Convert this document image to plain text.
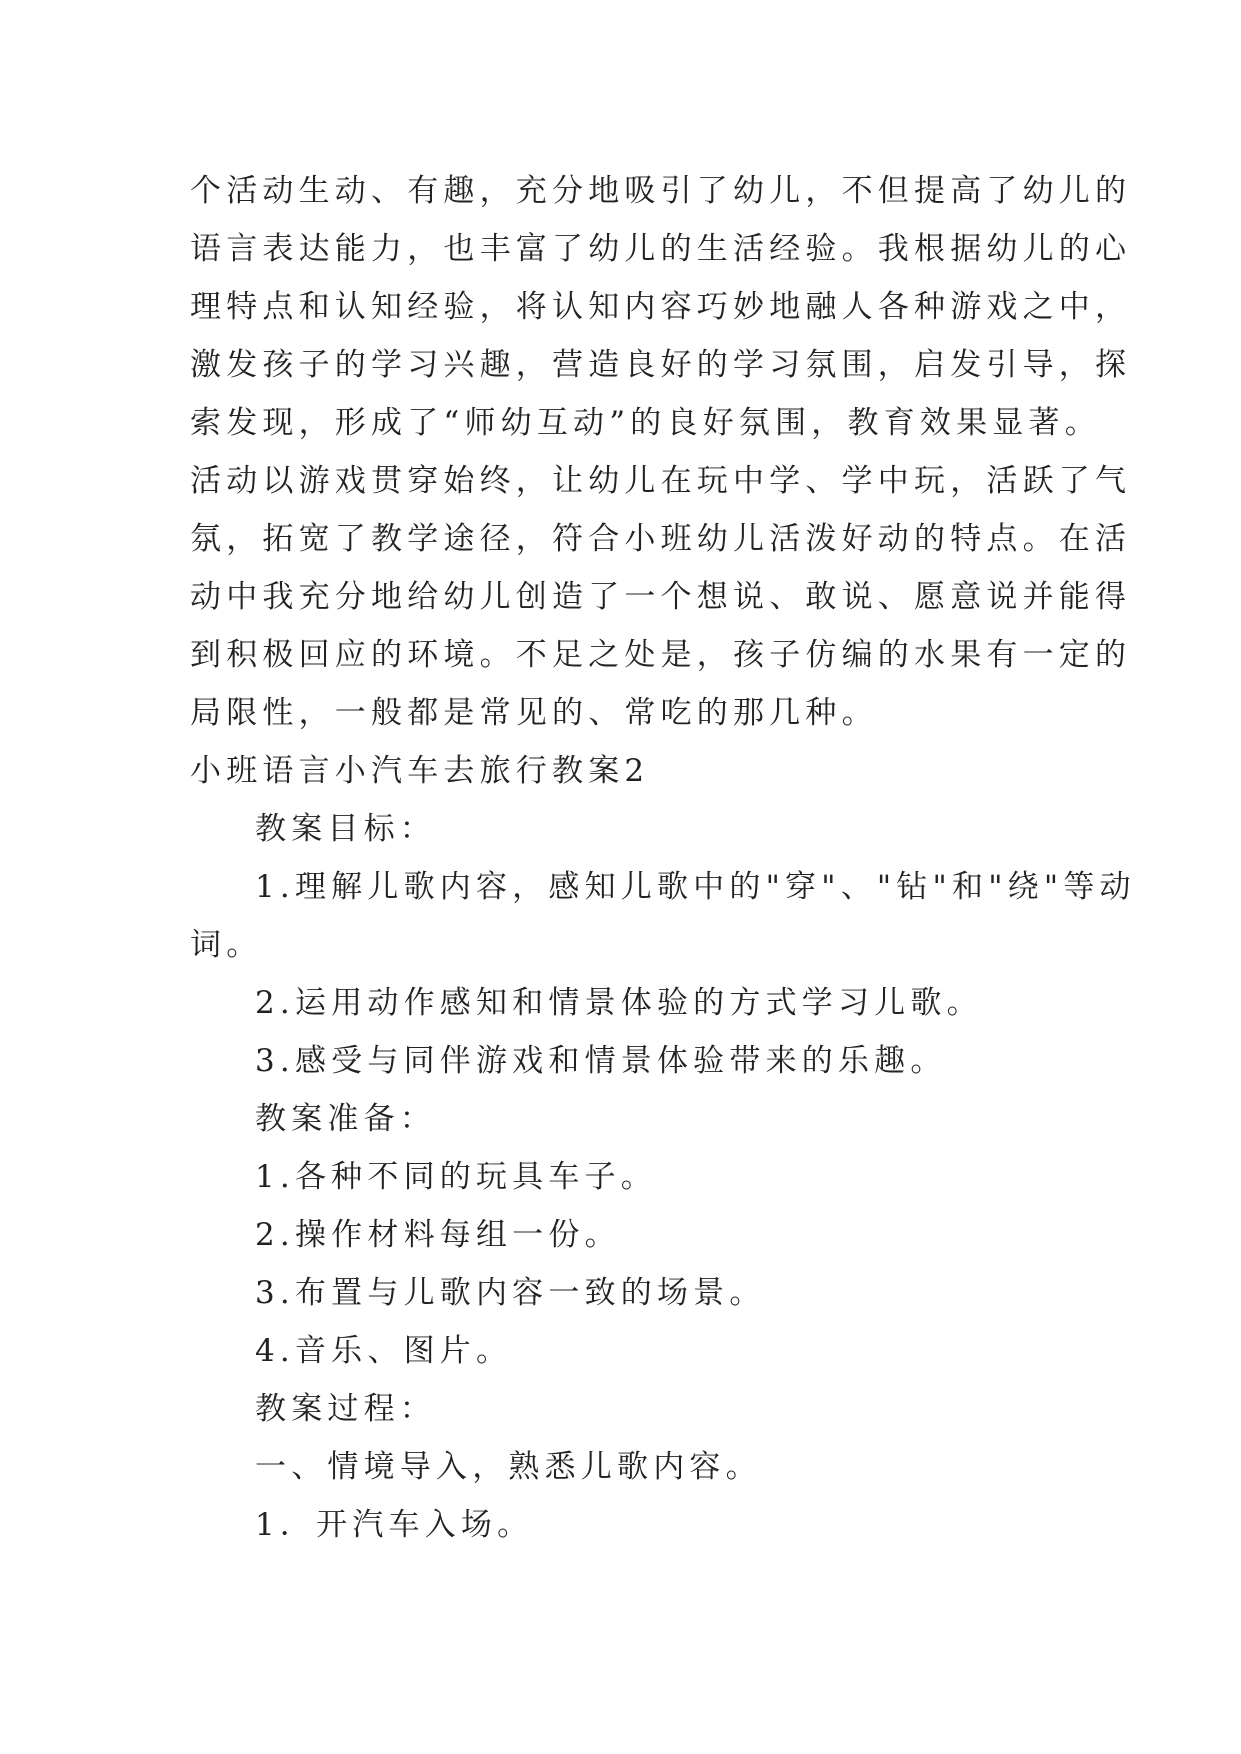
个活动生动、有趣，充分地吸引了幼儿，不但提高了幼儿的
语言表达能力，也丰富了幼儿的生活经验。我根据幼儿的心
理特点和认知经验，将认知内容巧妙地融人各种游戏之中，
激发孩子的学习兴趣，营造良好的学习氛围，启发引导，探
索发现，形成了“师幼互动”的良好氛围，教育效果显著。
活动以游戏贯穿始终，让幼儿在玩中学、学中玩，活跃了气
氛，拓宽了教学途径，符合小班幼儿活泼好动的特点。在活
动中我充分地给幼儿创造了一个想说、敢说、愿意说并能得
到积极回应的环境。不足之处是，孩子仿编的水果有一定的
局限性，一般都是常见的、常吃的那几种。
小班语言小汽车去旅行教案2
教案目标：
1.理解儿歌内容，感知儿歌中的"穿"、"钻"和"绕"等动
词。
2.运用动作感知和情景体验的方式学习儿歌。
3.感受与同伴游戏和情景体验带来的乐趣。
教案准备：
1.各种不同的玩具车子。
2.操作材料每组一份。
3.布置与儿歌内容一致的场景。
4.音乐、图片。
教案过程：
一、情境导入，熟悉儿歌内容。
1．开汽车入场。
